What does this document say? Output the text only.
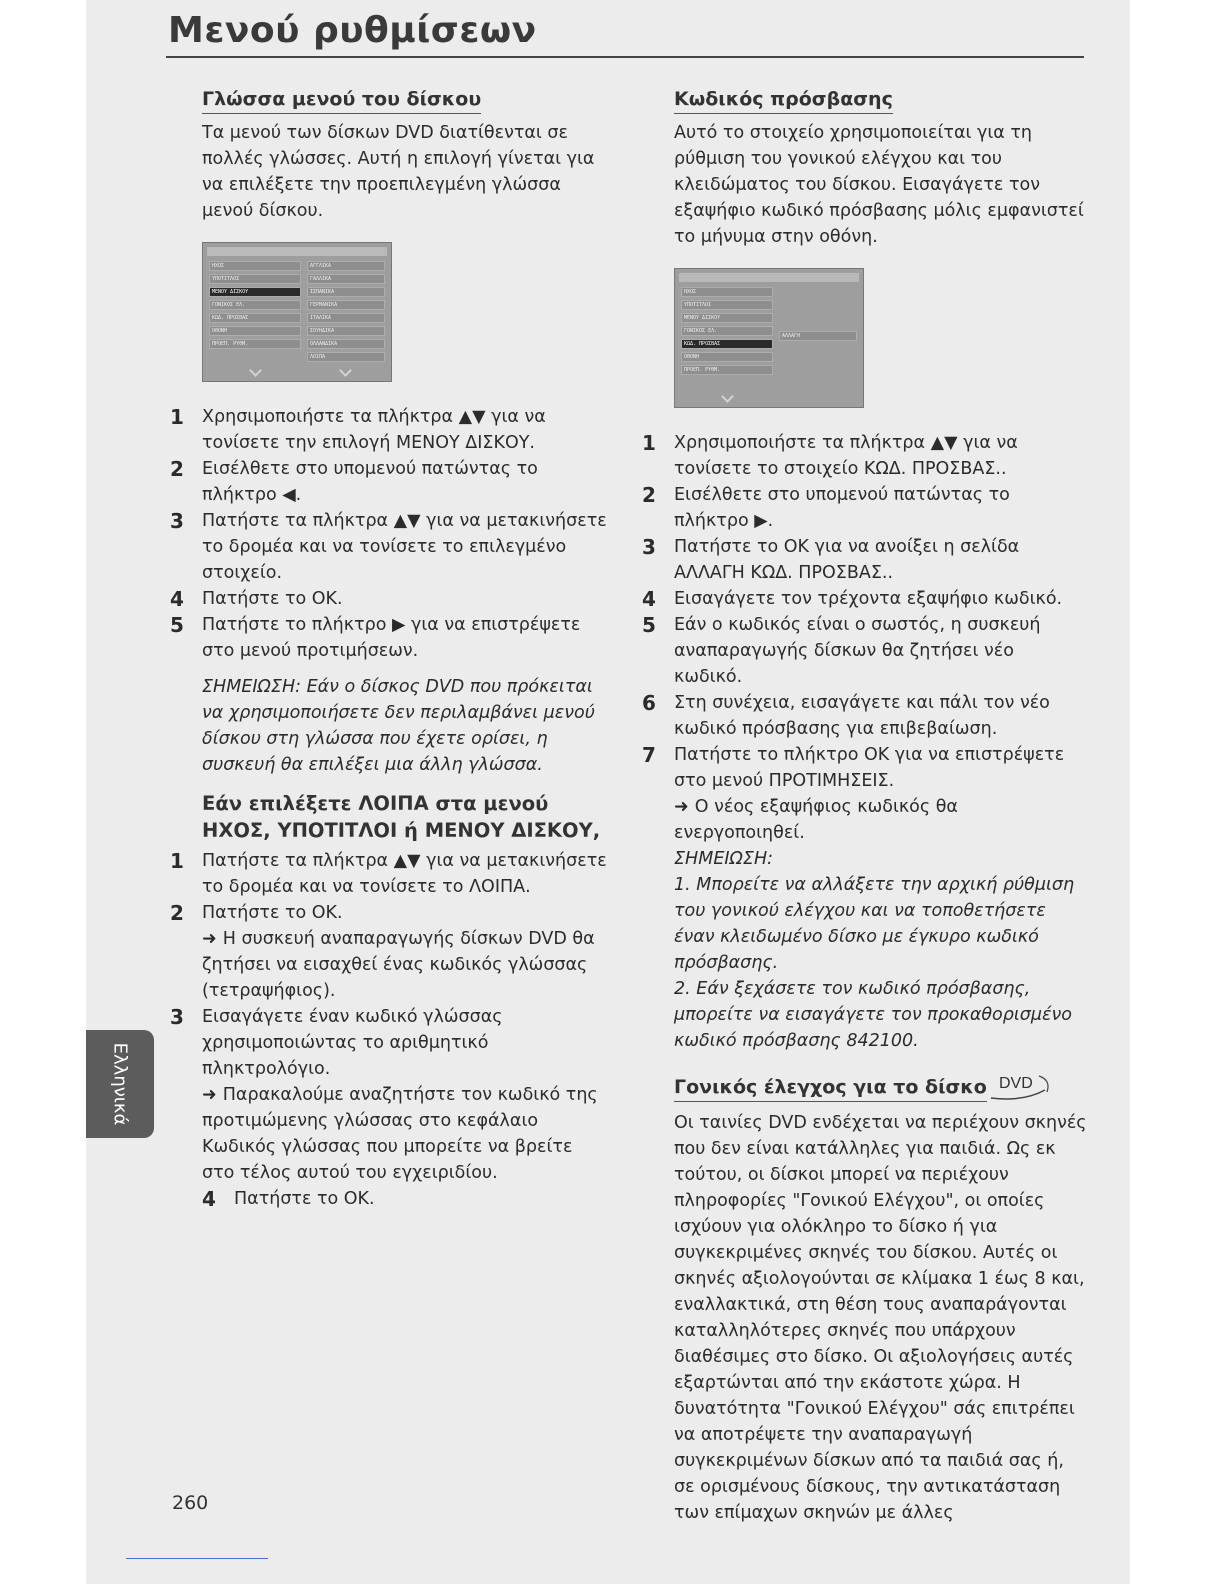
Μενού ρυθμίσεων
Γλώσσα μενού του δίσκου
Τα μενού των δίσκων DVD διατίθενται σε πολλές γλώσσες. Αυτή η επιλογή γίνεται για να επιλέξετε την προεπιλεγμένη γλώσσα μενού δίσκου.
ΗΧΟΣ
ΥΠΟΤΙΤΛΟΙ
ΜΕΝΟΥ ΔΙΣΚΟΥ
ΓΟΝΙΚΟΣ ΕΛ.
ΚΩΔ. ΠΡΟΣΒΑΣ
ΟΘΟΝΗ
ΠΡΟΕΠ. ΡΥΘΜ.
ΑΓΓΛΙΚΑ
ΓΑΛΛΙΚΑ
ΙΣΠΑΝΙΚΑ
ΓΕΡΜΑΝΙΚΑ
ΙΤΑΛΙΚΑ
ΣΟΥΗΔΙΚΑ
ΟΛΛΑΝΔΙΚΑ
ΛΟΙΠΑ
1	Χρησιμοποιήστε τα πλήκτρα ▲▼ για να τονίσετε την επιλογή ΜΕΝΟΥ ΔΙΣΚΟΥ.
2	Εισέλθετε στο υπομενού πατώντας το πλήκτρο ◀.
3	Πατήστε τα πλήκτρα ▲▼ για να μετακινήσετε το δρομέα και να τονίσετε το επιλεγμένο στοιχείο.
4	Πατήστε το ΟΚ.
5	Πατήστε το πλήκτρο ▶ για να επιστρέψετε στο μενού προτιμήσεων.
ΣΗΜΕΙΩΣΗ: Εάν ο δίσκος DVD που πρόκειται να χρησιμοποιήσετε δεν περιλαμβάνει μενού δίσκου στη γλώσσα που έχετε ορίσει, η συσκευή θα επιλέξει μια άλλη γλώσσα.
Εάν επιλέξετε ΛΟΙΠΑ στα μενού ΗΧΟΣ, ΥΠΟΤΙΤΛΟΙ ή ΜΕΝΟΥ ΔΙΣΚΟΥ,
1	Πατήστε τα πλήκτρα ▲▼ για να μετακινήσετε το δρομέα και να τονίσετε το ΛΟΙΠΑ.
2	Πατήστε το ΟΚ.
➜ Η συσκευή αναπαραγωγής δίσκων DVD θα ζητήσει να εισαχθεί ένας κωδικός γλώσσας (τετραψήφιος).
3	Εισαγάγετε έναν κωδικό γλώσσας χρησιμοποιώντας το αριθμητικό πληκτρολόγιο.
➜ Παρακαλούμε αναζητήστε τον κωδικό της προτιμώμενης γλώσσας στο κεφάλαιο Κωδικός γλώσσας που μπορείτε να βρείτε στο τέλος αυτού του εγχειριδίου.
4	Πατήστε το ΟΚ.
Κωδικός πρόσβασης
Αυτό το στοιχείο χρησιμοποιείται για τη ρύθμιση του γονικού ελέγχου και του κλειδώματος του δίσκου. Εισαγάγετε τον εξαψήφιο κωδικό πρόσβασης μόλις εμφανιστεί το μήνυμα στην οθόνη.
ΗΧΟΣ
ΥΠΟΤΙΤΛΟΙ
ΜΕΝΟΥ ΔΙΣΚΟΥ
ΓΟΝΙΚΟΣ ΕΛ.
ΚΩΔ. ΠΡΟΣΒΑΣ
ΟΘΟΝΗ
ΠΡΟΕΠ. ΡΥΘΜ.
ΑΛΛΑΓΗ
1	Χρησιμοποιήστε τα πλήκτρα ▲▼ για να τονίσετε το στοιχείο ΚΩΔ. ΠΡΟΣΒΑΣ..
2	Εισέλθετε στο υπομενού πατώντας το πλήκτρο ▶.
3	Πατήστε το ΟΚ για να ανοίξει η σελίδα ΑΛΛΑΓΗ ΚΩΔ. ΠΡΟΣΒΑΣ..
4	Εισαγάγετε τον τρέχοντα εξαψήφιο κωδικό.
5	Εάν ο κωδικός είναι ο σωστός, η συσκευή αναπαραγωγής δίσκων θα ζητήσει νέο κωδικό.
6	Στη συνέχεια, εισαγάγετε και πάλι τον νέο κωδικό πρόσβασης για επιβεβαίωση.
7	Πατήστε το πλήκτρο ΟΚ για να επιστρέψετε στο μενού ΠΡΟΤΙΜΗΣΕΙΣ.
➜ Ο νέος εξαψήφιος κωδικός θα ενεργοποιηθεί.
ΣΗΜΕΙΩΣΗ:
1. Μπορείτε να αλλάξετε την αρχική ρύθμιση του γονικού ελέγχου και να τοποθετήσετε έναν κλειδωμένο δίσκο με έγκυρο κωδικό πρόσβασης.
2. Εάν ξεχάσετε τον κωδικό πρόσβασης, μπορείτε να εισαγάγετε τον προκαθορισμένο κωδικό πρόσβασης 842100.
Γονικός έλεγχος για το δίσκο DVD
Οι ταινίες DVD ενδέχεται να περιέχουν σκηνές που δεν είναι κατάλληλες για παιδιά. Ως εκ τούτου, οι δίσκοι μπορεί να περιέχουν πληροφορίες "Γονικού Ελέγχου", οι οποίες ισχύουν για ολόκληρο το δίσκο ή για συγκεκριμένες σκηνές του δίσκου. Αυτές οι σκηνές αξιολογούνται σε κλίμακα 1 έως 8 και, εναλλακτικά, στη θέση τους αναπαράγονται καταλληλότερες σκηνές που υπάρχουν διαθέσιμες στο δίσκο. Οι αξιολογήσεις αυτές εξαρτώνται από την εκάστοτε χώρα. Η δυνατότητα "Γονικού Ελέγχου" σάς επιτρέπει να αποτρέψετε την αναπαραγωγή συγκεκριμένων δίσκων από τα παιδιά σας ή, σε ορισμένους δίσκους, την αντικατάσταση των επίμαχων σκηνών με άλλες
Ελληνικά
260
